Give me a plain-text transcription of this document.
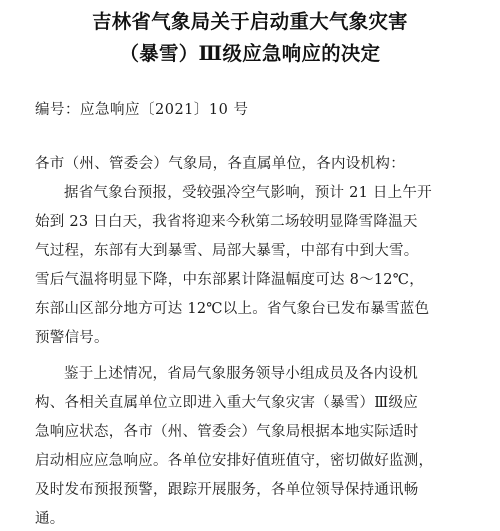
吉林省气象局关于启动重大气象灾害
（暴雪）Ⅲ级应急响应的决定
编号：应急响应〔2021〕10 号
各市（州、管委会）气象局，各直属单位，各内设机构：
据省气象台预报，受较强冷空气影响，预计 21 日上午开
始到 23 日白天，我省将迎来今秋第二场较明显降雪降温天
气过程，东部有大到暴雪、局部大暴雪，中部有中到大雪。
雪后气温将明显下降，中东部累计降温幅度可达 8～12℃，
东部山区部分地方可达 12℃以上。省气象台已发布暴雪蓝色
预警信号。
鉴于上述情况，省局气象服务领导小组成员及各内设机
构、各相关直属单位立即进入重大气象灾害（暴雪）Ⅲ级应
急响应状态，各市（州、管委会）气象局根据本地实际适时
启动相应应急响应。各单位安排好值班值守，密切做好监测，
及时发布预报预警，跟踪开展服务，各单位领导保持通讯畅
通。
